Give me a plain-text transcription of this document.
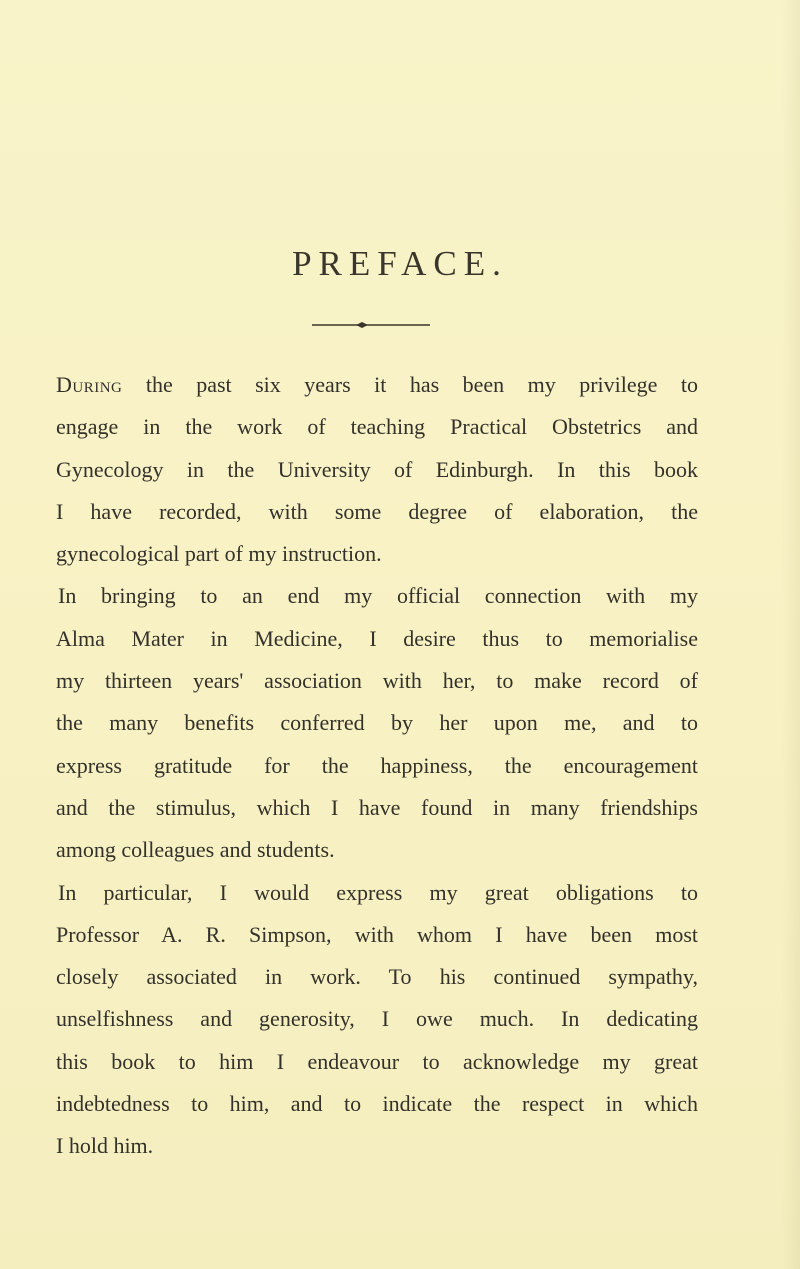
PREFACE.
During the past six years it has been my privilege to
engage in the work of teaching Practical Obstetrics and
Gynecology in the University of Edinburgh. In this book
I have recorded, with some degree of elaboration, the
gynecological part of my instruction.
In bringing to an end my official connection with my
Alma Mater in Medicine, I desire thus to memorialise
my thirteen years' association with her, to make record of
the many benefits conferred by her upon me, and to
express gratitude for the happiness, the encouragement
and the stimulus, which I have found in many friendships
among colleagues and students.
In particular, I would express my great obligations to
Professor A. R. Simpson, with whom I have been most
closely associated in work. To his continued sympathy,
unselfishness and generosity, I owe much. In dedicating
this book to him I endeavour to acknowledge my great
indebtedness to him, and to indicate the respect in which
I hold him.
